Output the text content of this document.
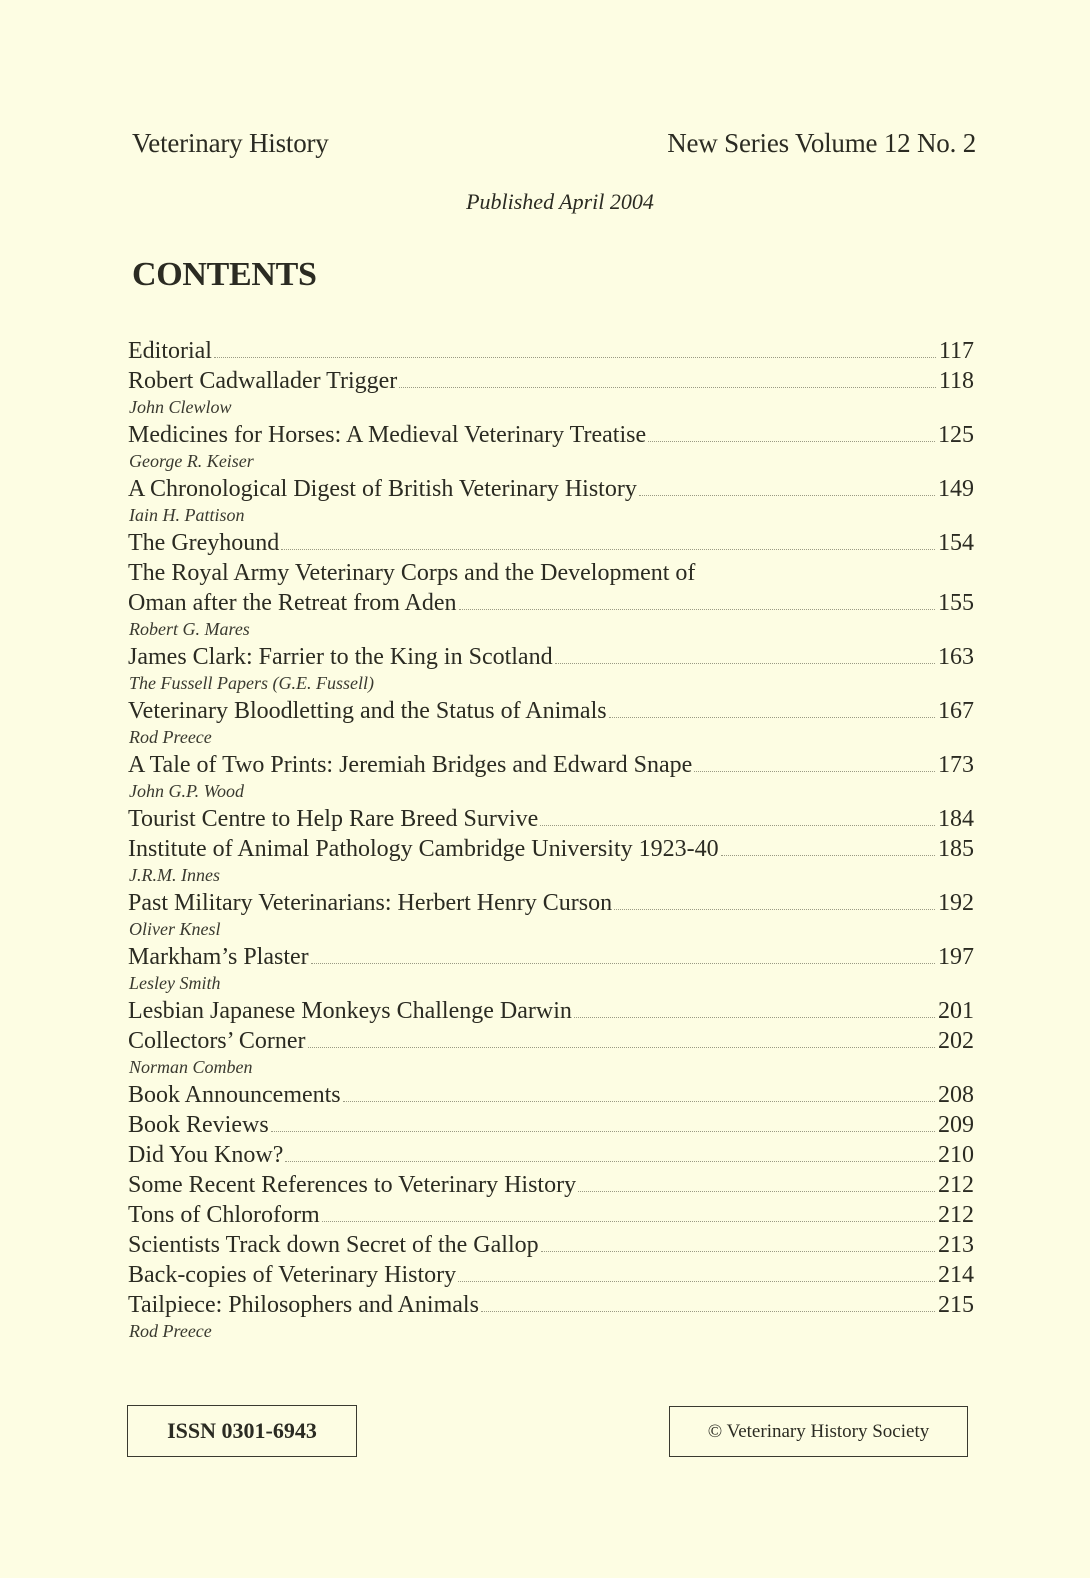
Veterinary History	New Series Volume 12 No. 2
Published April 2004
CONTENTS
Editorial	117
Robert Cadwallader Trigger	118
John Clewlow
Medicines for Horses: A Medieval Veterinary Treatise	125
George R. Keiser
A Chronological Digest of British Veterinary History	149
Iain H. Pattison
The Greyhound	154
The Royal Army Veterinary Corps and the Development of
Oman after the Retreat from Aden	155
Robert G. Mares
James Clark: Farrier to the King in Scotland	163
The Fussell Papers (G.E. Fussell)
Veterinary Bloodletting and the Status of Animals	167
Rod Preece
A Tale of Two Prints: Jeremiah Bridges and Edward Snape	173
John G.P. Wood
Tourist Centre to Help Rare Breed Survive	184
Institute of Animal Pathology Cambridge University 1923-40	185
J.R.M. Innes
Past Military Veterinarians: Herbert Henry Curson	192
Oliver Knesl
Markham’s Plaster	197
Lesley Smith
Lesbian Japanese Monkeys Challenge Darwin	201
Collectors’ Corner	202
Norman Comben
Book Announcements	208
Book Reviews	209
Did You Know?	210
Some Recent References to Veterinary History	212
Tons of Chloroform	212
Scientists Track down Secret of the Gallop	213
Back-copies of Veterinary History	214
Tailpiece: Philosophers and Animals	215
Rod Preece
ISSN 0301-6943	© Veterinary History Society
